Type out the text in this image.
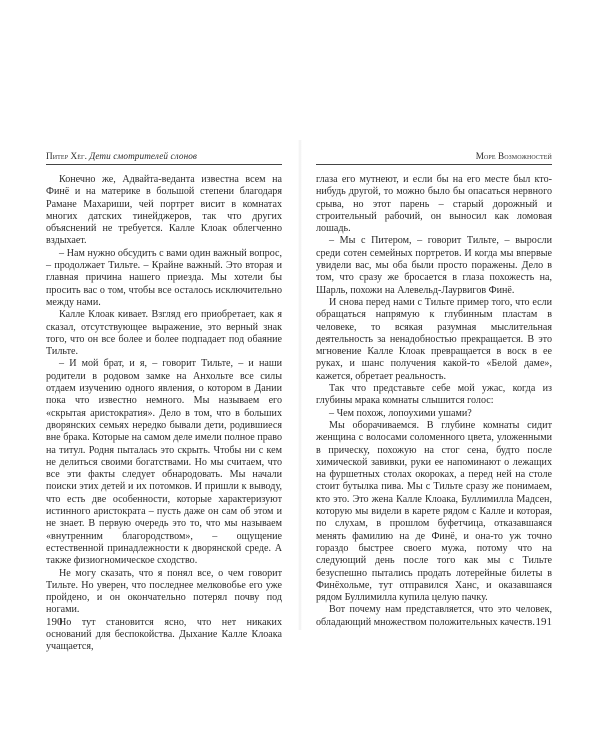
Питер Хёг. Дети смотрителей слонов

Конечно же, Адвайта-веданта известна всем на Финё и на материке в большой степени благодаря Рамане Махариши, чей портрет висит в комнатах многих датских тинейджеров, так что других объяснений не требуется. Калле Клоак облегченно вздыхает.

– Нам нужно обсудить с вами один важный вопрос, – продолжает Тильте. – Крайне важный. Это вторая и главная причина нашего приезда. Мы хотели бы просить вас о том, чтобы все осталось исключительно между нами.

Калле Клоак кивает. Взгляд его приобретает, как я сказал, отсутствующее выражение, это верный знак того, что он все более и более подпадает под обаяние Тильте.

– И мой брат, и я, – говорит Тильте, – и наши родители в родовом замке на Анхольте все силы отдаем изучению одного явления, о котором в Дании пока что известно немного. Мы называем его «скрытая аристократия». Дело в том, что в больших дворянских семьях нередко бывали дети, родившиеся вне брака. Которые на самом деле имели полное право на титул. Родня пыталась это скрыть. Чтобы ни с кем не делиться своими богатствами. Но мы считаем, что все эти факты следует обнародовать. Мы начали поиски этих детей и их потомков. И пришли к выводу, что есть две особенности, которые характеризуют истинного аристократа – пусть даже он сам об этом и не знает. В первую очередь это то, что мы называем «внутренним благородством», – ощущение естественной принадлежности к дворянской среде. А также физиогномическое сходство.

Не могу сказать, что я понял все, о чем говорит Тильте. Но уверен, что последнее мелковобье его уже пройдено, и он окончательно потерял почву под ногами.

Но тут становится ясно, что нет никаких оснований для беспокойства. Дыхание Калле Клоака учащается,

190
Море Возможностей

глаза его мутнеют, и если бы на его месте был кто-нибудь другой, то можно было бы опасаться нервного срыва, но этот парень – старый дорожный и строительный рабочий, он выносил как ломовая лошадь.

– Мы с Питером, – говорит Тильте, – выросли среди сотен семейных портретов. И когда мы впервые увидели вас, мы оба были просто поражены. Дело в том, что сразу же бросается в глаза похожесть на, Шарль, похожи на Алевельд-Лаурвигов Финё.

И снова перед нами с Тильте пример того, что если обращаться напрямую к глубинным пластам в человеке, то всякая разумная мыслительная деятельность за ненадобностью прекращается. В это мгновение Калле Клоак превращается в воск в ее руках, и шанс получения какой-то «Белой даме», кажется, обретает реальность.

Так что представьте себе мой ужас, когда из глубины мрака комнаты слышится голос:

– Чем похож, лопоухими ушами?

Мы оборачиваемся. В глубине комнаты сидит женщина с волосами соломенного цвета, уложенными в прическу, похожую на стог сена, будто после химической завивки, руки ее напоминают о лежащих на фуршетных столах окороках, а перед ней на столе стоит бутылка пива. Мы с Тильте сразу же понимаем, кто это. Это жена Калле Клоака, Буллимилла Мадсен, которую мы видели в карете рядом с Калле и которая, по слухам, в прошлом буфетчица, отказавшаяся менять фамилию на де Финё, и она-то уж точно гораздо быстрее своего мужа, потому что на следующий день после того как мы с Тильте безуспешно пытались продать лотерейные билеты в Финёхольме, тут отправился Ханс, и оказавшаяся рядом Буллимилла купила целую пачку.

Вот почему нам представляется, что это человек, обладающий множеством положительных качеств. 191
